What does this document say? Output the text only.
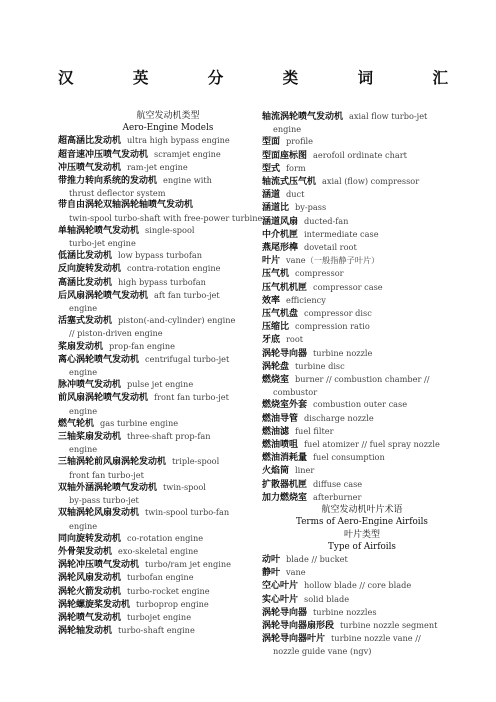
汉	英	分	类	词	汇

航空发动机类型

Aero-Engine Models

超高涵比发动机 ultra high bypass engine

超音速冲压喷气发动机 scramjet engine

冲压喷气发动机 ram-jet engine

带推力转向系统的发动机 engine with
thrust deflector system

带自由涡轮双轴涡轮轴喷气发动机
twin-spool turbo-shaft with free-power turbine

单轴涡轮喷气发动机 single-spool
turbo-jet engine

低涵比发动机 low bypass turbofan

反向旋转发动机 contra-rotation engine

高涵比发动机 high bypass turbofan

后风扇涡轮喷气发动机 aft fan turbo-jet
engine

活塞式发动机 piston(-and-cylinder) engine
// piston-driven engine

桨扇发动机 prop-fan engine

离心涡轮喷气发动机 centrifugal turbo-jet
engine

脉冲喷气发动机 pulse jet engine

前风扇涡轮喷气发动机 front fan turbo-jet
engine

燃气轮机 gas turbine engine

三轴桨扇发动机 three-shaft prop-fan
engine

三轴涡轮前风扇涡轮发动机 triple-spool
front fan turbo-jet

双轴外涵涡轮喷气发动机 twin-spool
by-pass turbo-jet

双轴涡轮风扇发动机 twin-spool turbo-fan
engine

同向旋转发动机 co-rotation engine

外骨架发动机 exo-skeletal engine

涡轮冲压喷气发动机 turbo/ram jet engine

涡轮风扇发动机 turbofan engine

涡轮火箭发动机 turbo-rocket engine

涡轮螺旋桨发动机 turboprop engine

涡轮喷气发动机 turbojet engine

涡轮轴发动机 turbo-shaft engine

轴流涡轮喷气发动机 axial flow turbo-jet
engine

型面 profile

型面座标图 aerofoil ordinate chart

型式 form

轴流式压气机 axial (flow) compressor

涵道 duct

涵道比 by-pass

涵道风扇 ducted-fan

中介机匣 intermediate case

燕尾形榫 dovetail root

叶片 vane（一般指静子叶片）

压气机 compressor

压气机机匣 compressor case

效率 efficiency

压气机盘 compressor disc

压缩比 compression ratio

牙底 root

涡轮导向器 turbine nozzle

涡轮盘 turbine disc

燃烧室 burner // combustion chamber //
combustor

燃烧室外套 combustion outer case

燃油导管 discharge nozzle

燃油滤 fuel filter

燃油喷咀 fuel atomizer // fuel spray nozzle

燃油消耗量 fuel consumption

火焰筒 liner

扩散器机匣 diffuse case

加力燃烧室 afterburner

航空发动机叶片术语

Terms of Aero-Engine Airfoils

叶片类型

Type of Airfoils

动叶 blade // bucket

静叶 vane

空心叶片 hollow blade // core blade

实心叶片 solid blade

涡轮导向器 turbine nozzles

涡轮导向器扇形段 turbine nozzle segment

涡轮导向器叶片 turbine nozzle vane //
nozzle guide vane (ngv)
